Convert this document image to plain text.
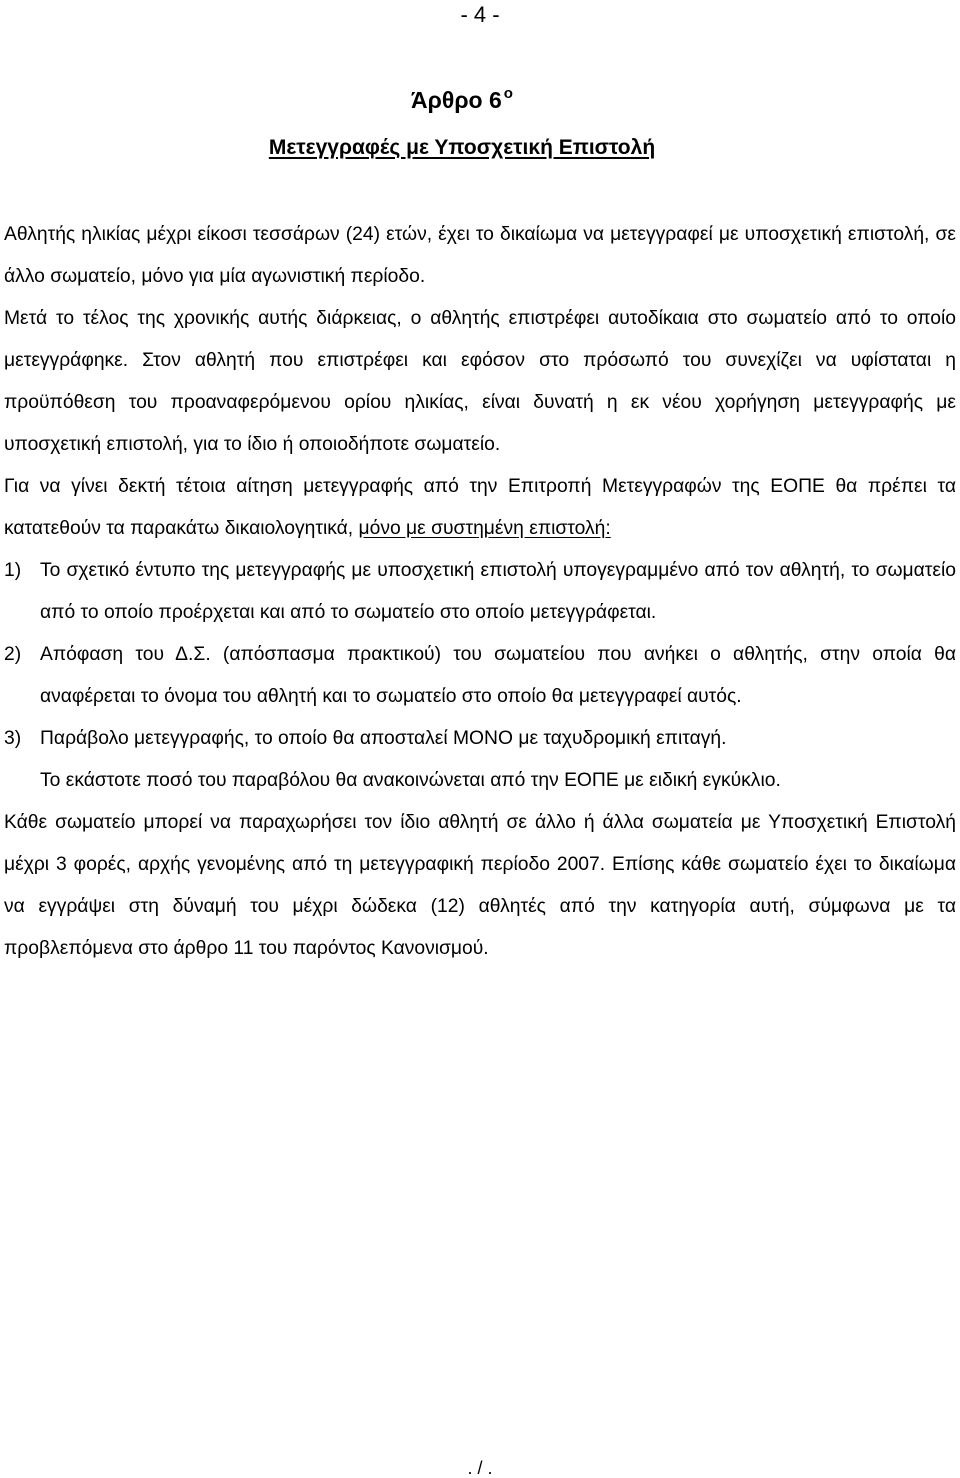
- 4 -
Άρθρο 6 $^o$
Μετεγγραφές με Υποσχετική Επιστολή

Αθλητής ηλικίας μέχρι είκοσι τεσσάρων (24) ετών, έχει το δικαίωμα να μετεγγραφεί με υποσχετική επιστολή, σε άλλο σωματείο, μόνο για μία αγωνιστική περίοδο.

Μετά το τέλος της χρονικής αυτής διάρκειας, ο αθλητής επιστρέφει αυτοδίκαια στο σωματείο από το οποίο μετεγγράφηκε. Στον αθλητή που επιστρέφει και εφόσον στο πρόσωπό του συνεχίζει να υφίσταται η προϋπόθεση του προαναφερόμενου ορίου ηλικίας, είναι δυνατή η εκ νέου χορήγηση μετεγγραφής με υποσχετική επιστολή, για το ίδιο ή οποιοδήποτε σωματείο.

Για να γίνει δεκτή τέτοια αίτηση μετεγγραφής από την Επιτροπή Μετεγγραφών της ΕΟΠΕ θα πρέπει τα κατατεθούν τα παρακάτω δικαιολογητικά, μόνο με συστημένη επιστολή:

1) Το σχετικό έντυπο της μετεγγραφής με υποσχετική επιστολή υπογεγραμμένο από τον αθλητή, το σωματείο από το οποίο προέρχεται και από το σωματείο στο οποίο μετεγγράφεται.
2) Απόφαση του Δ.Σ. (απόσπασμα πρακτικού) του σωματείου που ανήκει ο αθλητής, στην οποία θα αναφέρεται το όνομα του αθλητή και το σωματείο στο οποίο θα μετεγγραφεί αυτός.
3) Παράβολο μετεγγραφής, το οποίο θα αποσταλεί ΜΟΝΟ με ταχυδρομική επιταγή.
Το εκάστοτε ποσό του παραβόλου θα ανακοινώνεται από την ΕΟΠΕ με ειδική εγκύκλιο.

Κάθε σωματείο μπορεί να παραχωρήσει τον ίδιο αθλητή σε άλλο ή άλλα σωματεία με Υποσχετική Επιστολή μέχρι 3 φορές, αρχής γενομένης από τη μετεγγραφική περίοδο 2007. Επίσης κάθε σωματείο έχει το δικαίωμα να εγγράψει στη δύναμή του μέχρι δώδεκα (12) αθλητές από την κατηγορία αυτή, σύμφωνα με τα προβλεπόμενα στο άρθρο 11 του παρόντος Κανονισμού.

. / .
